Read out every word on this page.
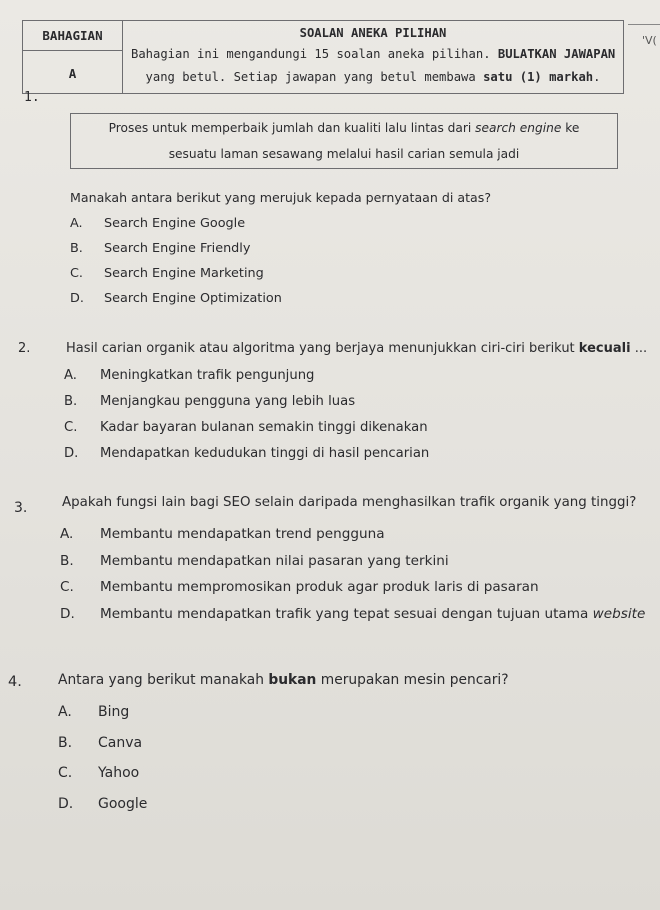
BAHAGIAN
A
SOALAN ANEKA PILIHAN
Bahagian ini mengandungi 15 soalan aneka pilihan. BULATKAN JAWAPAN
yang betul. Setiap jawapan yang betul membawa satu (1) markah.
'V(
1.
Proses untuk memperbaik jumlah dan kualiti lalu lintas dari search engine ke
sesuatu laman sesawang melalui hasil carian semula jadi
Manakah antara berikut yang merujuk kepada pernyataan di atas?
A. Search Engine Google
B. Search Engine Friendly
C. Search Engine Marketing
D. Search Engine Optimization
2.	Hasil carian organik atau algoritma yang berjaya menunjukkan ciri-ciri berikut kecuali ...
A. Meningkatkan trafik pengunjung
B. Menjangkau pengguna yang lebih luas
C. Kadar bayaran bulanan semakin tinggi dikenakan
D. Mendapatkan kedudukan tinggi di hasil pencarian
3.	Apakah fungsi lain bagi SEO selain daripada menghasilkan trafik organik yang tinggi?
A. Membantu mendapatkan trend pengguna
B. Membantu mendapatkan nilai pasaran yang terkini
C. Membantu mempromosikan produk agar produk laris di pasaran
D. Membantu mendapatkan trafik yang tepat sesuai dengan tujuan utama website
4.	Antara yang berikut manakah bukan merupakan mesin pencari?
A. Bing
B. Canva
C. Yahoo
D. Google
